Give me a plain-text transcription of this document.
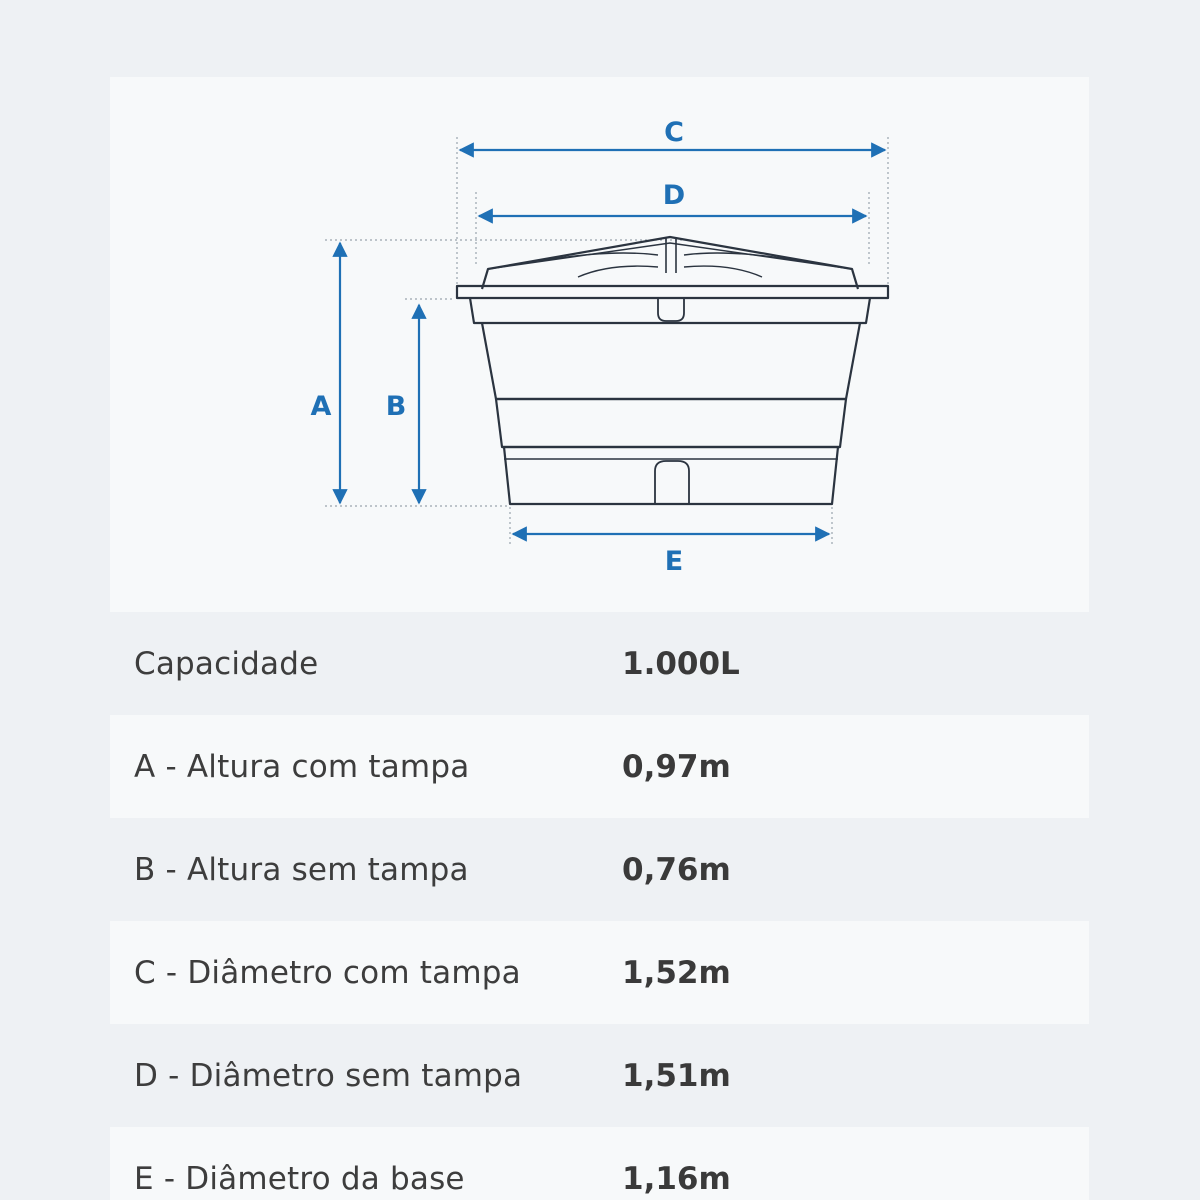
C
D
A B
E
Capacidade	1.000L
A - Altura com tampa	0,97m
B - Altura sem tampa	0,76m
C - Diâmetro com tampa	1,52m
D - Diâmetro sem tampa	1,51m
E - Diâmetro da base	1,16m
